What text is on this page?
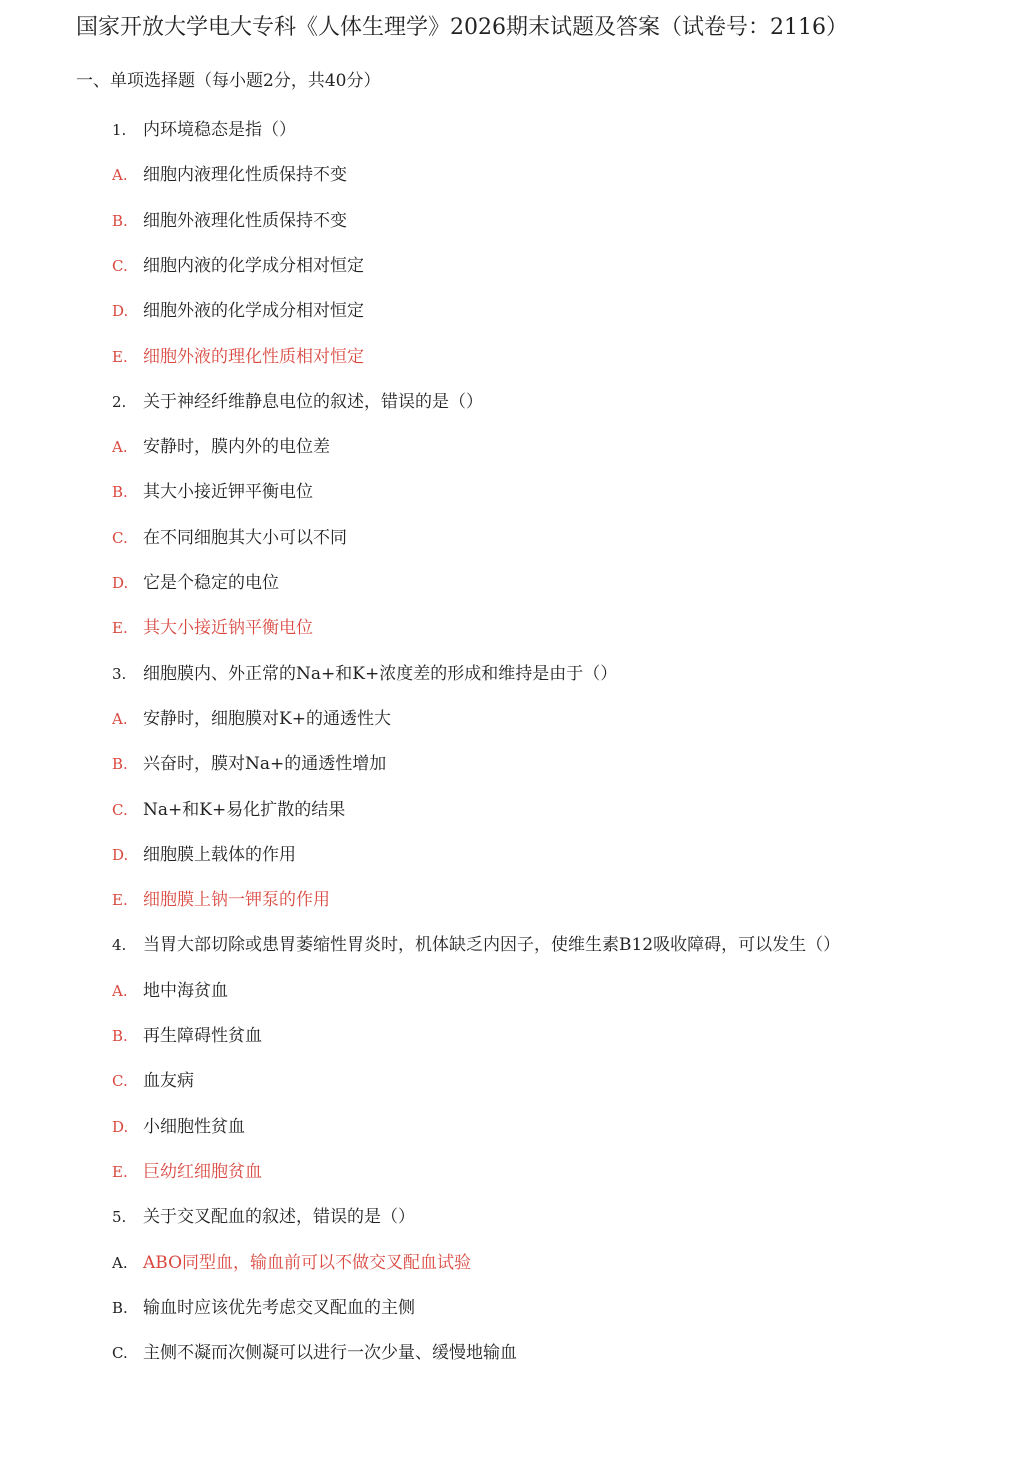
国家开放大学电大专科《人体生理学》2026期末试题及答案（试卷号：2116）
一、单项选择题（每小题2分，共40分）
1. 内环境稳态是指（）
A. 细胞内液理化性质保持不变
B. 细胞外液理化性质保持不变
C. 细胞内液的化学成分相对恒定
D. 细胞外液的化学成分相对恒定
E. 细胞外液的理化性质相对恒定
2. 关于神经纤维静息电位的叙述，错误的是（）
A. 安静时，膜内外的电位差
B. 其大小接近钾平衡电位
C. 在不同细胞其大小可以不同
D. 它是个稳定的电位
E. 其大小接近钠平衡电位
3. 细胞膜内、外正常的Na+和K+浓度差的形成和维持是由于（）
A. 安静时，细胞膜对K+的通透性大
B. 兴奋时，膜对Na+的通透性增加
C. Na+和K+易化扩散的结果
D. 细胞膜上载体的作用
E. 细胞膜上钠一钾泵的作用
4. 当胃大部切除或患胃萎缩性胃炎时，机体缺乏内因子，使维生素B12吸收障碍，可以发生（）
A. 地中海贫血
B. 再生障碍性贫血
C. 血友病
D. 小细胞性贫血
E. 巨幼红细胞贫血
5. 关于交叉配血的叙述，错误的是（）
A. ABO同型血，输血前可以不做交叉配血试验
B. 输血时应该优先考虑交叉配血的主侧
C. 主侧不凝而次侧凝可以进行一次少量、缓慢地输血
